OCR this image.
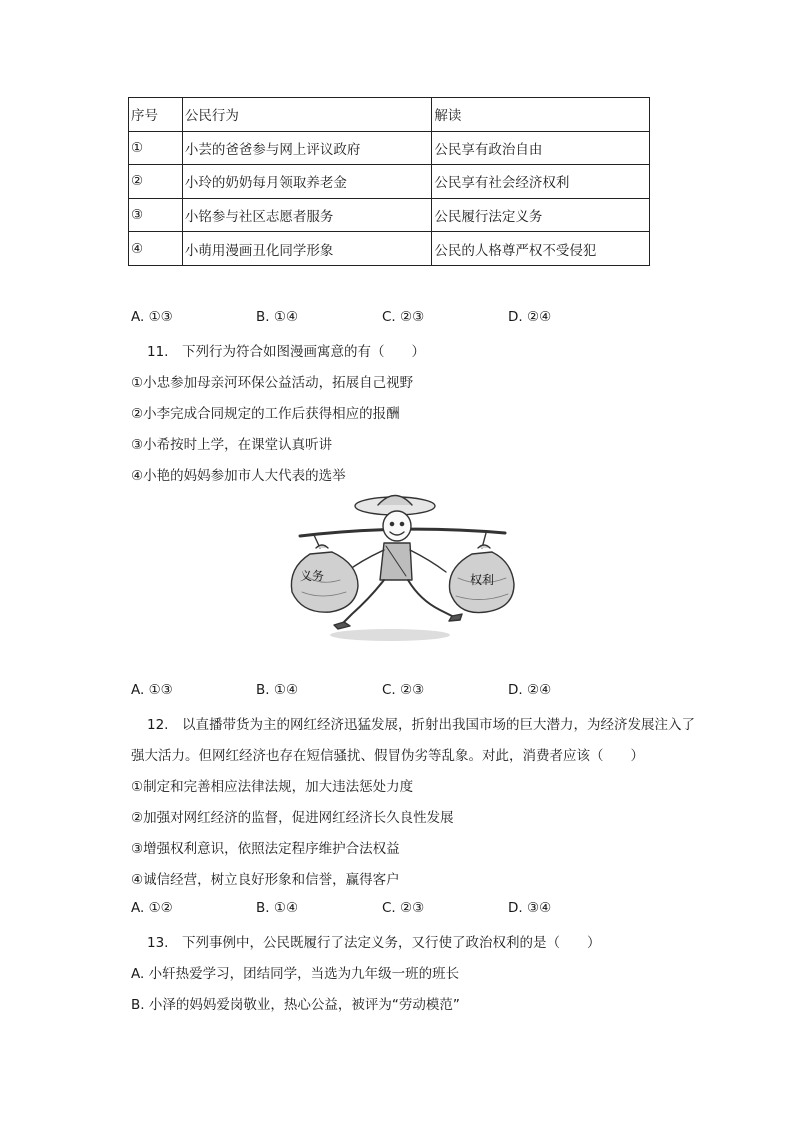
序号	公民行为	解读
①	小芸的爸爸参与网上评议政府	公民享有政治自由
②	小玲的奶奶每月领取养老金	公民享有社会经济权利
③	小铭参与社区志愿者服务	公民履行法定义务
④	小萌用漫画丑化同学形象	公民的人格尊严权不受侵犯
A. ①③	B. ①④	C. ②③	D. ②④
11.　下列行为符合如图漫画寓意的有（　　）
①小忠参加母亲河环保公益活动，拓展自己视野
②小李完成合同规定的工作后获得相应的报酬
③小希按时上学，在课堂认真听讲
④小艳的妈妈参加市人大代表的选举
义务	权利
A. ①③	B. ①④	C. ②③	D. ②④
12.　以直播带货为主的网红经济迅猛发展，折射出我国市场的巨大潜力，为经济发展注入了
强大活力。但网红经济也存在短信骚扰、假冒伪劣等乱象。对此，消费者应该（　　）
①制定和完善相应法律法规，加大违法惩处力度
②加强对网红经济的监督，促进网红经济长久良性发展
③增强权利意识，依照法定程序维护合法权益
④诚信经营，树立良好形象和信誉，赢得客户
A. ①②	B. ①④	C. ②③	D. ③④
13.　下列事例中，公民既履行了法定义务，又行使了政治权利的是（　　）
A. 小轩热爱学习，团结同学，当选为九年级一班的班长
B. 小泽的妈妈爱岗敬业，热心公益，被评为“劳动模范”
